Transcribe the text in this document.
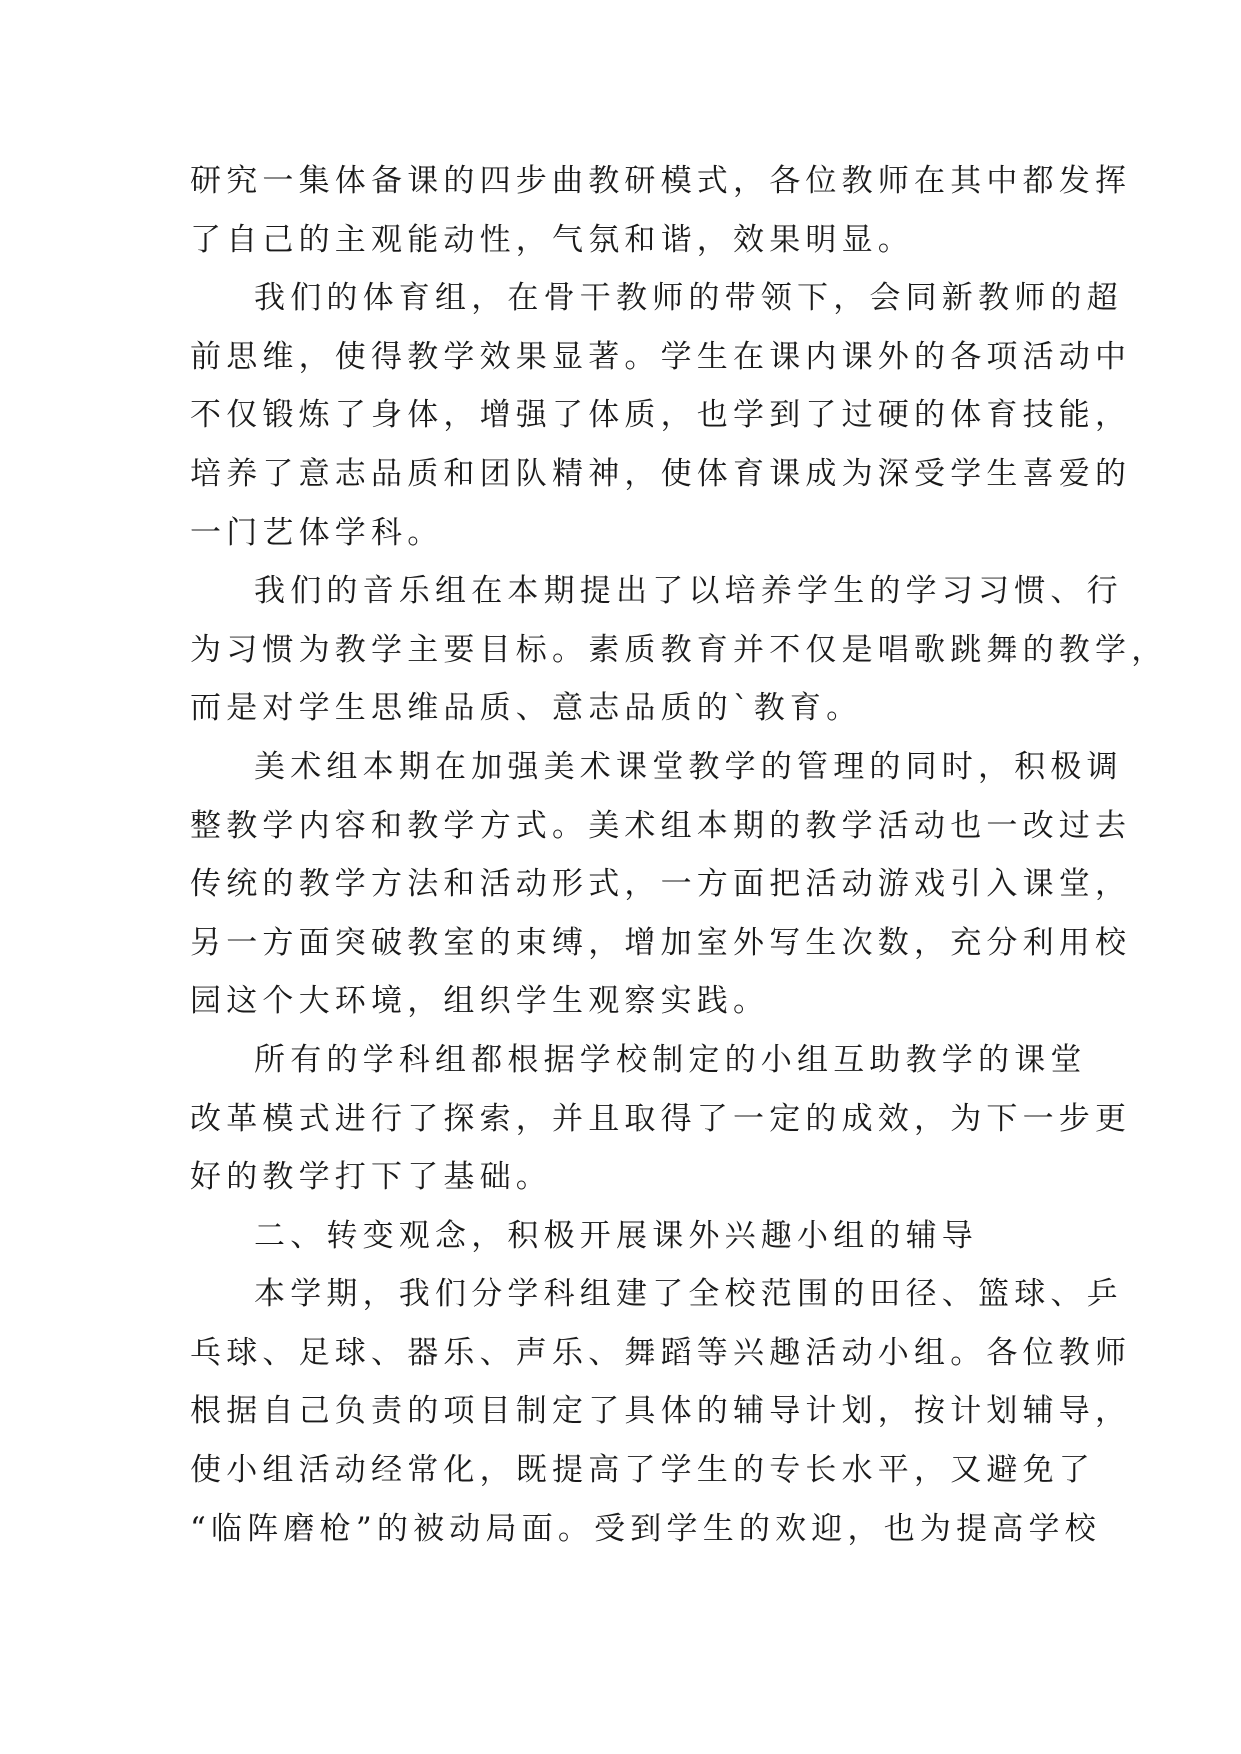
研究一集体备课的四步曲教研模式，各位教师在其中都发挥
了自己的主观能动性，气氛和谐，效果明显。
我们的体育组，在骨干教师的带领下，会同新教师的超
前思维，使得教学效果显著。学生在课内课外的各项活动中
不仅锻炼了身体，增强了体质，也学到了过硬的体育技能，
培养了意志品质和团队精神，使体育课成为深受学生喜爱的
一门艺体学科。
我们的音乐组在本期提出了以培养学生的学习习惯、行
为习惯为教学主要目标。素质教育并不仅是唱歌跳舞的教学，
而是对学生思维品质、意志品质的`教育。
美术组本期在加强美术课堂教学的管理的同时，积极调
整教学内容和教学方式。美术组本期的教学活动也一改过去
传统的教学方法和活动形式，一方面把活动游戏引入课堂，
另一方面突破教室的束缚，增加室外写生次数，充分利用校
园这个大环境，组织学生观察实践。
所有的学科组都根据学校制定的小组互助教学的课堂
改革模式进行了探索，并且取得了一定的成效，为下一步更
好的教学打下了基础。
二、转变观念，积极开展课外兴趣小组的辅导
本学期，我们分学科组建了全校范围的田径、篮球、乒
乓球、足球、器乐、声乐、舞蹈等兴趣活动小组。各位教师
根据自己负责的项目制定了具体的辅导计划，按计划辅导，
使小组活动经常化，既提高了学生的专长水平，又避免了
“临阵磨枪”的被动局面。受到学生的欢迎，也为提高学校
